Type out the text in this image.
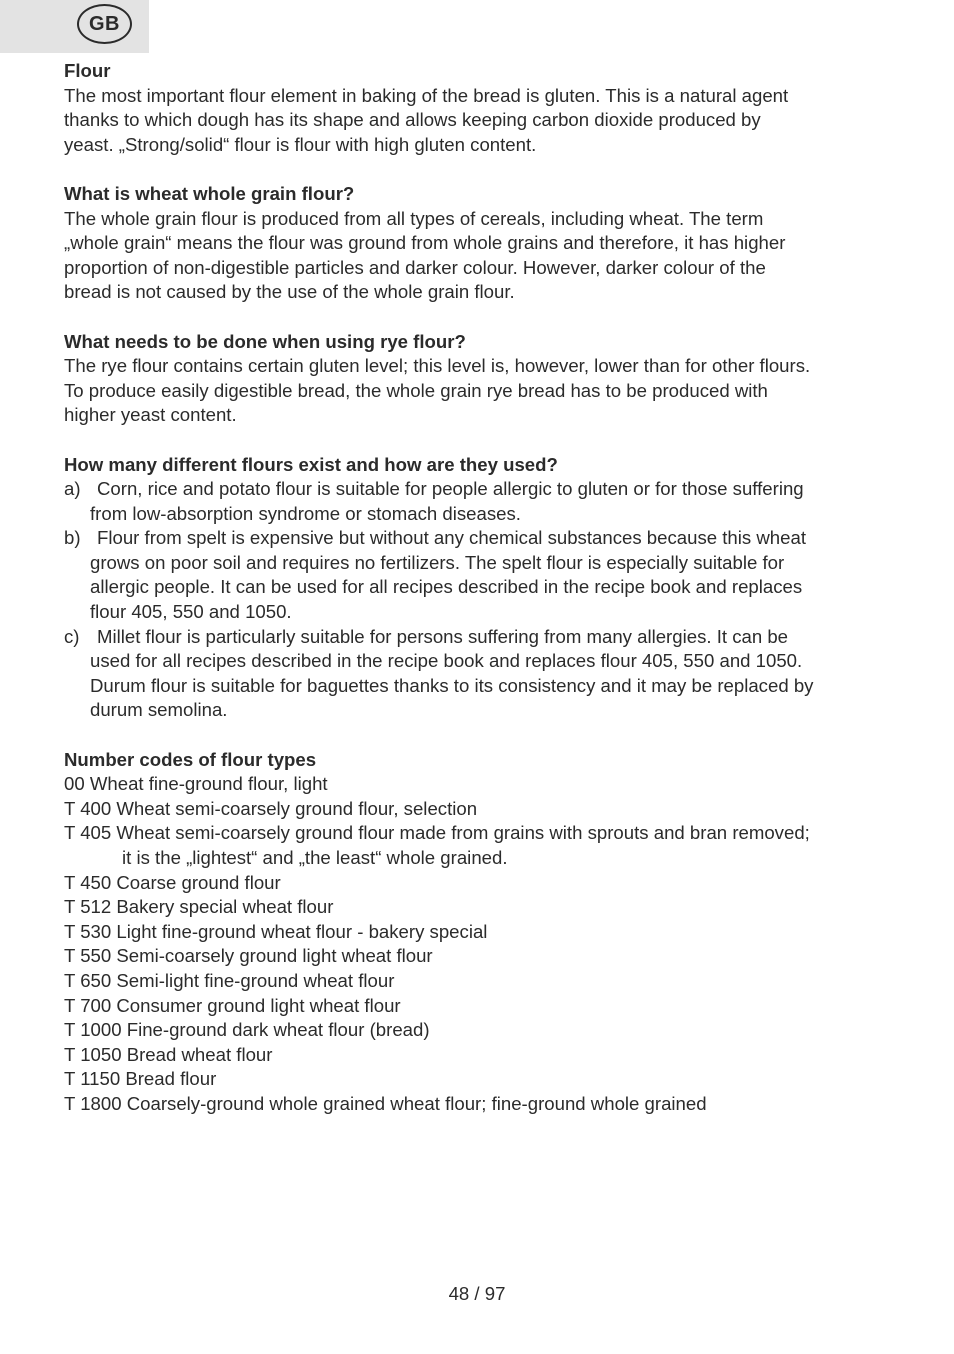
GB
Flour
The most important flour element in baking of the bread is gluten. This is a natural agent
thanks to which dough has its shape and allows keeping carbon dioxide produced by
yeast. „Strong/solid“ flour is flour with high gluten content.
What is wheat whole grain flour?
The whole grain flour is produced from all types of cereals, including wheat. The term
„whole grain“ means the flour was ground from whole grains and therefore, it has higher
proportion of non-digestible particles and darker colour. However, darker colour of the
bread is not caused by the use of the whole grain flour.
What needs to be done when using rye flour?
The rye flour contains certain gluten level; this level is, however, lower than for other flours.
To produce easily digestible bread, the whole grain rye bread has to be produced with
higher yeast content.
How many different flours exist and how are they used?
a) Corn, rice and potato flour is suitable for people allergic to gluten or for those suffering
from low-absorption syndrome or stomach diseases.
b) Flour from spelt is expensive but without any chemical substances because this wheat
grows on poor soil and requires no fertilizers. The spelt flour is especially suitable for
allergic people. It can be used for all recipes described in the recipe book and replaces
flour 405, 550 and 1050.
c) Millet flour is particularly suitable for persons suffering from many allergies. It can be
used for all recipes described in the recipe book and replaces flour 405, 550 and 1050.
Durum flour is suitable for baguettes thanks to its consistency and it may be replaced by
durum semolina.
Number codes of flour types
00 Wheat fine-ground flour, light
T 400 Wheat semi-coarsely ground flour, selection
T 405 Wheat semi-coarsely ground flour made from grains with sprouts and bran removed;
it is the „lightest“ and „the least“ whole grained.
T 450 Coarse ground flour
T 512 Bakery special wheat flour
T 530 Light fine-ground wheat flour - bakery special
T 550 Semi-coarsely ground light wheat flour
T 650 Semi-light fine-ground wheat flour
T 700 Consumer ground light wheat flour
T 1000 Fine-ground dark wheat flour (bread)
T 1050 Bread wheat flour
T 1150 Bread flour
T 1800 Coarsely-ground whole grained wheat flour; fine-ground whole grained
48 / 97
